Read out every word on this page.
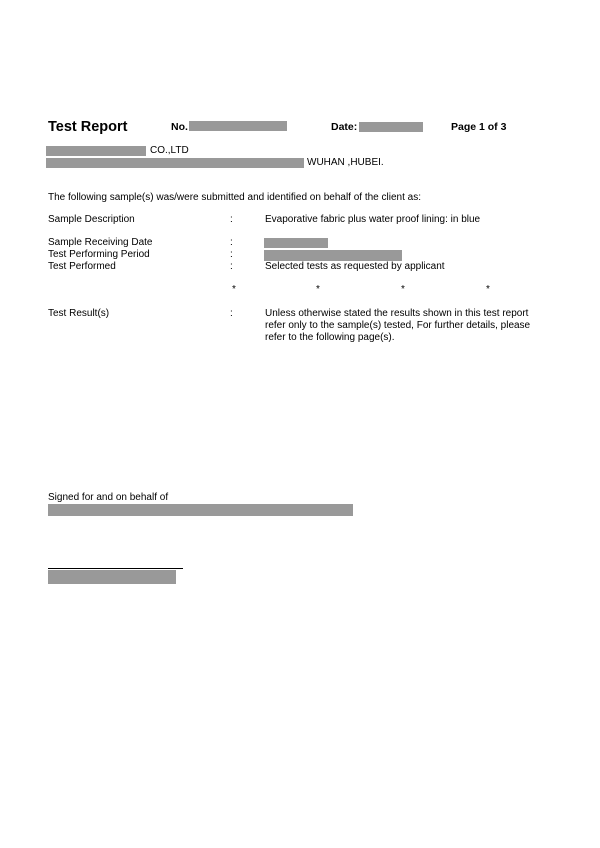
Test Report	No.	Date:	Page 1 of 3
CO.,LTD
WUHAN ,HUBEI.
The following sample(s) was/were submitted and identified on behalf of the client as:
Sample Description	:	Evaporative fabric plus water proof lining: in blue
Sample Receiving Date	:
Test Performing Period	:
Test Performed	:	Selected tests as requested by applicant
*	*	*	*
Test Result(s)	:	Unless otherwise stated the results shown in this test report refer only to the sample(s) tested, For further details, please refer to the following page(s).
Signed for and on behalf of
